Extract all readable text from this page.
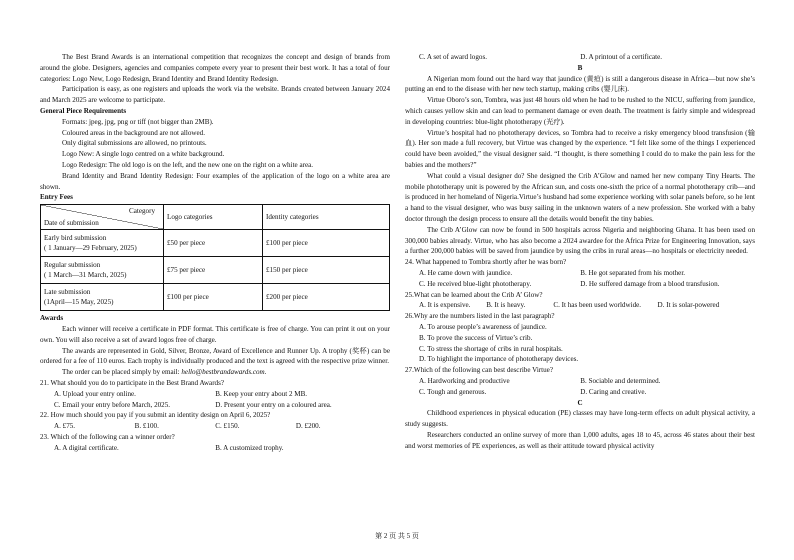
The Best Brand Awards is an international competition that recognizes the concept and design of brands from around the globe. Designers, agencies and companies compete every year to present their best work. It has a total of four categories: Logo New, Logo Redesign, Brand Identity and Brand Identity Redesign.

Participation is easy, as one registers and uploads the work via the website. Brands created between January 2024 and March 2025 are welcome to participate.

General Piece Requirements

Formats: jpeg, jpg, png or tiff (not bigger than 2MB).

Coloured areas in the background are not allowed.

Only digital submissions are allowed, no printouts.

Logo New: A single logo centred on a white background.

Logo Redesign: The old logo is on the left, and the new one on the right on a white area.

Brand Identity and Brand Identity Redesign: Four examples of the application of the logo on a white area are shown.

Entry Fees

Category
Date of submission	Logo categories	Identity categories
Early bird submission
( 1 January—29 February, 2025)	£50 per piece	£100 per piece
Regular submission
( 1 March—31 March, 2025)	£75 per piece	£150 per piece
Late submission
(1April—15 May, 2025)	£100 per piece	£200 per piece

Awards

Each winner will receive a certificate in PDF format. This certificate is free of charge. You can print it out on your own. You will also receive a set of award logos free of charge.

The awards are represented in Gold, Silver, Bronze, Award of Excellence and Runner Up. A trophy (奖杯) can be ordered for a fee of 110 euros. Each trophy is individually produced and the text is agreed with the respective prize winner.

The order can be placed simply by email: hello@bestbrandawards.com.

21. What should you do to participate in the Best Brand Awards?

A. Upload your entry online.	B. Keep your entry about 2 MB.
C. Email your entry before March, 2025.	D. Present your entry on a coloured area.

22. How much should you pay if you submit an identity design on April 6, 2025?

A. £75.	B. £100.	C. £150.	D. £200.

23. Which of the following can a winner order?

A. A digital certificate.	B. A customized trophy.
C. A set of award logos.	D. A printout of a certificate.

B

A Nigerian mom found out the hard way that jaundice (黄疸) is still a dangerous disease in Africa—but now she’s putting an end to the disease with her new tech startup, making cribs (婴儿床).

Virtue Oboro’s son, Tombra, was just 48 hours old when he had to be rushed to the NICU, suffering from jaundice, which causes yellow skin and can lead to permanent damage or even death. The treatment is fairly simple and widespread in developing countries: blue-light phototherapy (光疗).

Virtue’s hospital had no phototherapy devices, so Tombra had to receive a risky emergency blood transfusion (输血). Her son made a full recovery, but Virtue was changed by the experience. “I felt like some of the things I experienced could have been avoided,” the visual designer said. “I thought, is there something I could do to make the pain less for the babies and the mothers?”

What could a visual designer do? She designed the Crib A’Glow and named her new company Tiny Hearts. The mobile phototherapy unit is powered by the African sun, and costs one-sixth the price of a normal phototherapy crib—and is produced in her homeland of Nigeria.Virtue’s husband had some experience working with solar panels before, so he lent a hand to the visual designer, who was busy sailing in the unknown waters of a new profession. She worked with a baby doctor through the design process to ensure all the details would benefit the tiny babies.

The Crib A’Glow can now be found in 500 hospitals across Nigeria and neighboring Ghana. It has been used on 300,000 babies already. Virtue, who has also become a 2024 awardee for the Africa Prize for Engineering Innovation, says a further 200,000 babies will be saved from jaundice by using the cribs in rural areas—no hospitals or electricity needed.

24. What happened to Tombra shortly after he was born?

A. He came down with jaundice.	B. He got separated from his mother.
C. He received blue-light phototherapy.	D. He suffered damage from a blood transfusion.

25.What can be learned about the Crib A’ Glow?

A. It is expensive.	B. It is heavy.	C. It has been used worldwide.	D. It is solar-powered

26.Why are the numbers listed in the last paragraph?

A. To arouse people’s awareness of jaundice.
B. To prove the success of Virtue’s crib.
C. To stress the shortage of cribs in rural hospitals.
D. To highlight the importance of phototherapy devices.

27.Which of the following can best describe Virtue?

A. Hardworking and productive	B. Sociable and determined.
C. Tough and generous.	D. Caring and creative.

C

Childhood experiences in physical education (PE) classes may have long-term effects on adult physical activity, a study suggests.

Researchers conducted an online survey of more than 1,000 adults, ages 18 to 45, across 46 states about their best and worst memories of PE experiences, as well as their attitude toward physical activity

第 2 页 共 5 页
